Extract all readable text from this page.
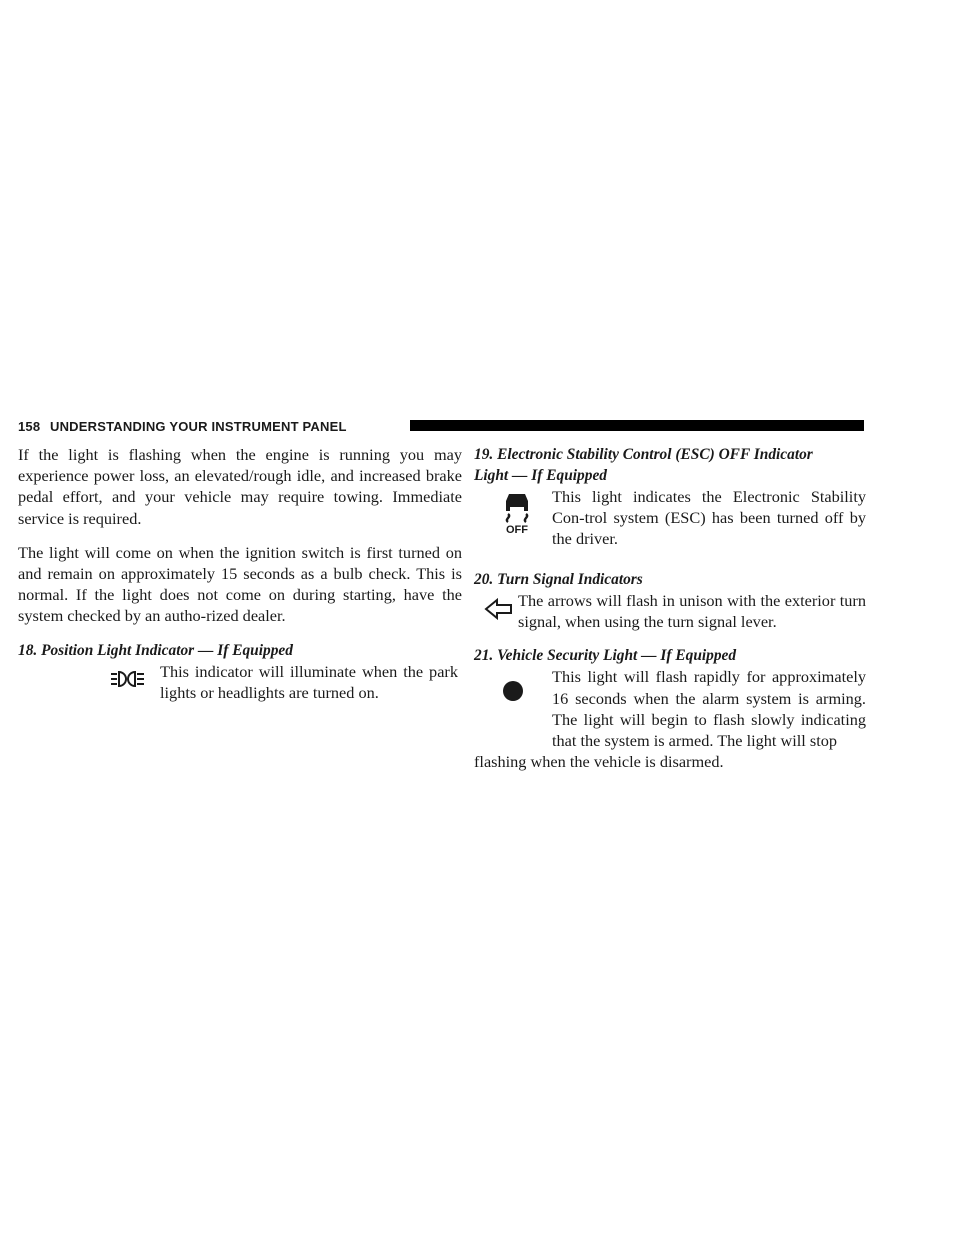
158 UNDERSTANDING YOUR INSTRUMENT PANEL

If the light is flashing when the engine is running you may experience power loss, an elevated/rough idle, and increased brake pedal effort, and your vehicle may require towing. Immediate service is required.

The light will come on when the ignition switch is first turned on and remain on approximately 15 seconds as a bulb check. This is normal. If the light does not come on during starting, have the system checked by an autho-rized dealer.

18. Position Light Indicator — If Equipped

This indicator will illuminate when the park lights or headlights are turned on.

19. Electronic Stability Control (ESC) OFF Indicator

Light — If Equipped

OFF

This light indicates the Electronic Stability Con-trol system (ESC) has been turned off by the driver.

20. Turn Signal Indicators

The arrows will flash in unison with the exterior turn signal, when using the turn signal lever.

21. Vehicle Security Light — If Equipped

This light will flash rapidly for approximately 16 seconds when the alarm system is arming. The light will begin to flash slowly indicating that the system is armed. The light will stop

flashing when the vehicle is disarmed.
